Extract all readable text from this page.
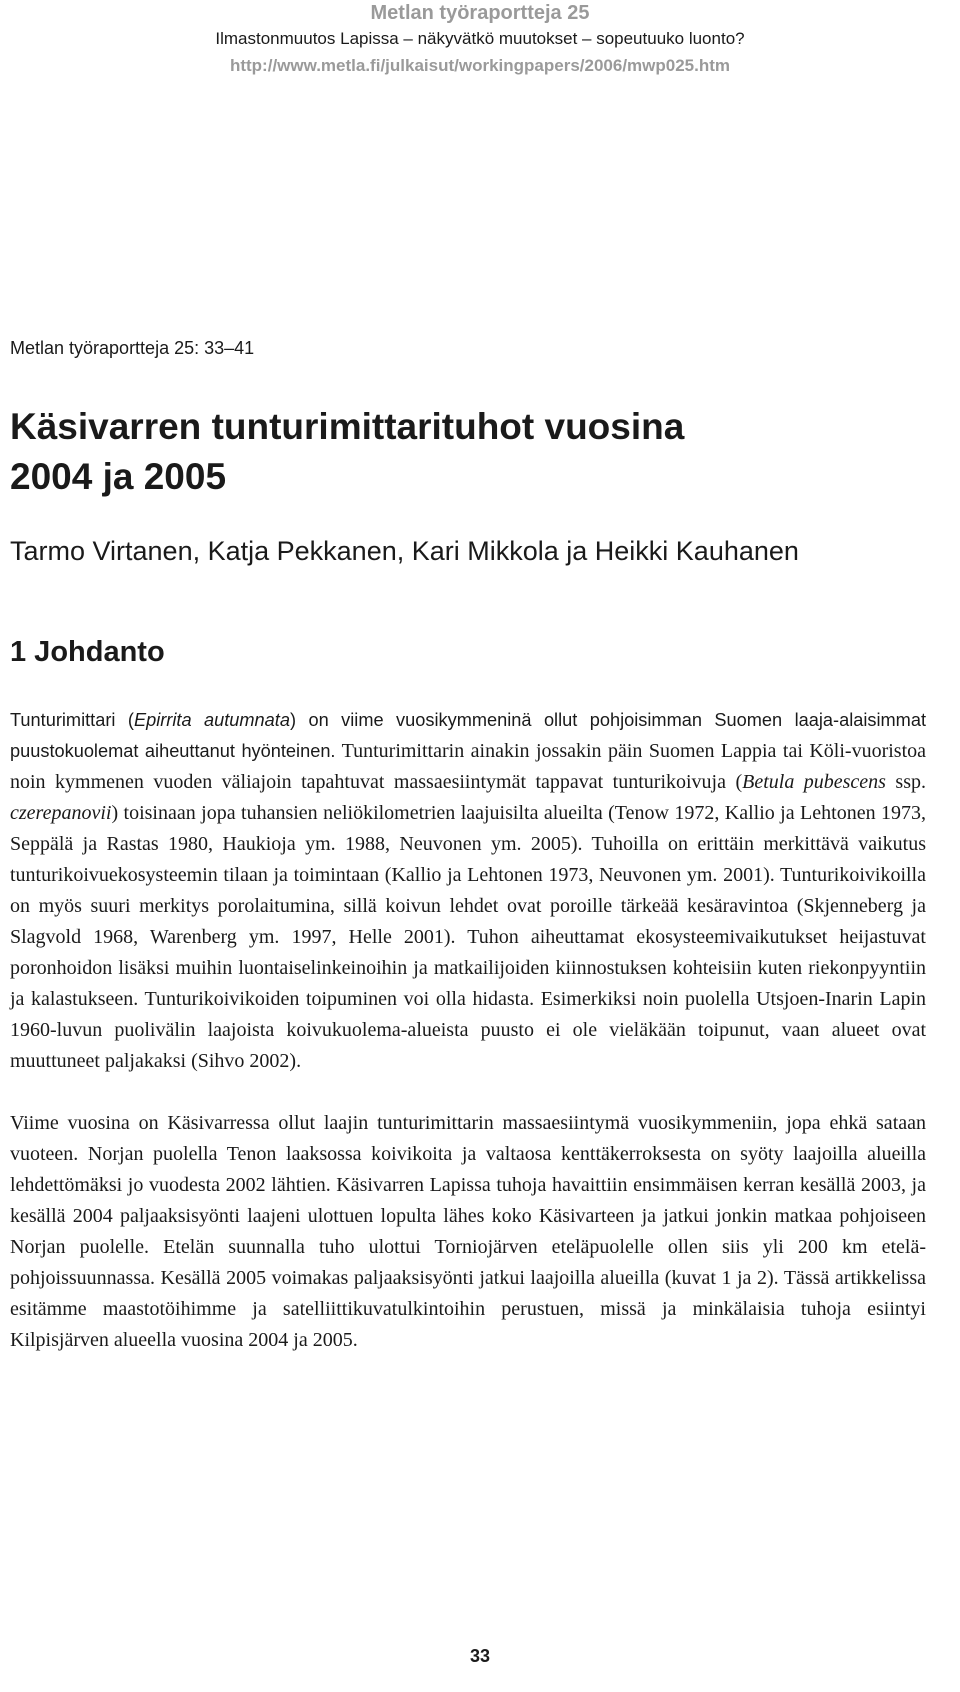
Metlan työraportteja 25
Ilmastonmuutos Lapissa – näkyvätkö muutokset – sopeutuuko luonto?
http://www.metla.fi/julkaisut/workingpapers/2006/mwp025.htm
Metlan työraportteja 25: 33–41
Käsivarren tunturimittarituhot vuosina
2004 ja 2005
Tarmo Virtanen, Katja Pekkanen, Kari Mikkola ja Heikki Kauhanen
1 Johdanto

Tunturimittari (Epirrita autumnata) on viime vuosikymmeninä ollut pohjoisimman Suomen laaja-alaisimmat puustokuolemat aiheuttanut hyönteinen. Tunturimittarin ainakin jossakin päin Suomen Lappia tai Köli-vuoristoa noin kymmenen vuoden väliajoin tapahtuvat massaesiintymät tappavat tunturikoivuja (Betula pubescens ssp. czerepanovii) toisinaan jopa tuhansien neliökilometrien laajuisilta alueilta (Tenow 1972, Kallio ja Lehtonen 1973, Seppälä ja Rastas 1980, Haukioja ym. 1988, Neuvonen ym. 2005). Tuhoilla on erittäin merkittävä vaikutus tunturikoivuekosysteemin tilaan ja toimintaan (Kallio ja Lehtonen 1973, Neuvonen ym. 2001). Tunturikoivikoilla on myös suuri merkitys porolaitumina, sillä koivun lehdet ovat poroille tärkeää kesäravintoa (Skjenneberg ja Slagvold 1968, Warenberg ym. 1997, Helle 2001). Tuhon aiheuttamat ekosysteemivaikutukset heijastuvat poronhoidon lisäksi muihin luontaiselinkeinoihin ja matkailijoiden kiinnostuksen kohteisiin kuten riekonpyyntiin ja kalastukseen. Tunturikoivikoiden toipuminen voi olla hidasta. Esimerkiksi noin puolella Utsjoen-Inarin Lapin 1960-luvun puolivälin laajoista koivukuolema-alueista puusto ei ole vieläkään toipunut, vaan alueet ovat muuttuneet paljakaksi (Sihvo 2002).

Viime vuosina on Käsivarressa ollut laajin tunturimittarin massaesiintymä vuosikymmeniin, jopa ehkä sataan vuoteen. Norjan puolella Tenon laaksossa koivikoita ja valtaosa kenttäkerroksesta on syöty laajoilla alueilla lehdettömäksi jo vuodesta 2002 lähtien. Käsivarren Lapissa tuhoja havaittiin ensimmäisen kerran kesällä 2003, ja kesällä 2004 paljaaksisyönti laajeni ulottuen lopulta lähes koko Käsivarteen ja jatkui jonkin matkaa pohjoiseen Norjan puolelle. Etelän suunnalla tuho ulottui Torniojärven eteläpuolelle ollen siis yli 200 km etelä-pohjoissuunnassa. Kesällä 2005 voimakas paljaaksisyönti jatkui laajoilla alueilla (kuvat 1 ja 2). Tässä artikkelissa esitämme maastotöihimme ja satelliittikuvatulkintoihin perustuen, missä ja minkälaisia tuhoja esiintyi Kilpisjärven alueella vuosina 2004 ja 2005.

33
